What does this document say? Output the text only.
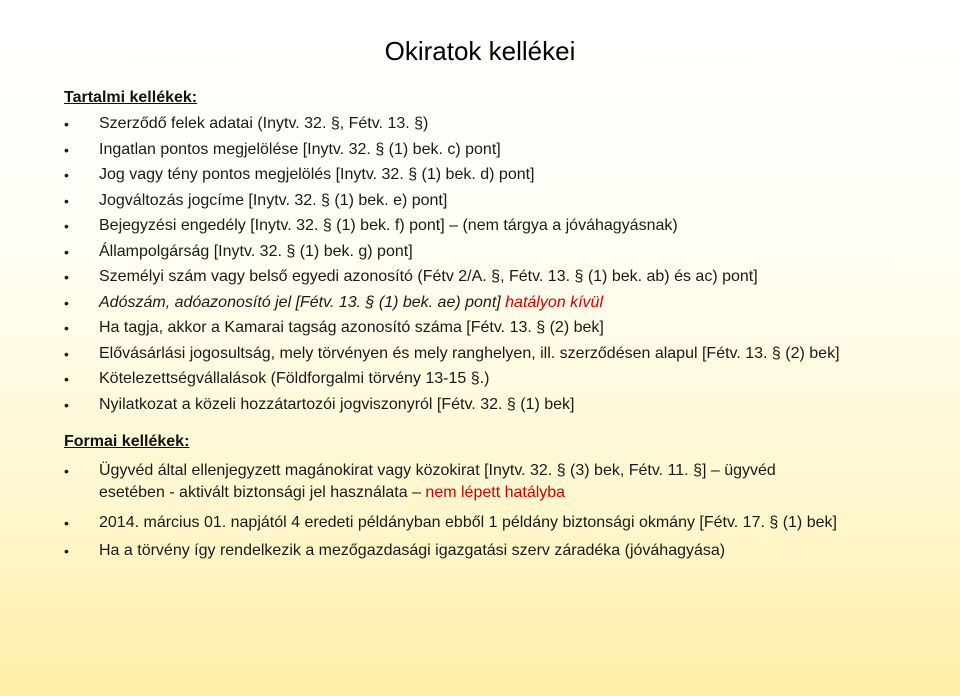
Okiratok kellékei
Tartalmi kellékek:
• Szerződő felek adatai (Inytv. 32. §, Fétv. 13. §)
• Ingatlan pontos megjelölése [Inytv. 32. § (1) bek. c) pont]
• Jog vagy tény pontos megjelölés [Inytv. 32. § (1) bek. d) pont]
• Jogváltozás jogcíme [Inytv. 32. § (1) bek. e) pont]
• Bejegyzési engedély [Inytv. 32. § (1) bek. f) pont] – (nem tárgya a jóváhagyásnak)
• Állampolgárság [Inytv. 32. § (1) bek. g) pont]
• Személyi szám vagy belső egyedi azonosító (Fétv 2/A. §, Fétv. 13. § (1) bek. ab) és ac) pont]
• Adószám, adóazonosító jel [Fétv. 13. § (1) bek. ae) pont] hatályon kívül
• Ha tagja, akkor a Kamarai tagság azonosító száma [Fétv. 13. § (2) bek]
• Elővásárlási jogosultság, mely törvényen és mely ranghelyen, ill. szerződésen alapul [Fétv. 13. § (2) bek]
• Kötelezettségvállalások (Földforgalmi törvény 13-15 §.)
• Nyilatkozat a közeli hozzátartozói jogviszonyról [Fétv. 32. § (1) bek]
Formai kellékek:
• Ügyvéd által ellenjegyzett magánokirat vagy közokirat [Inytv. 32. § (3) bek, Fétv. 11. §] – ügyvéd
esetében - aktivált biztonsági jel használata – nem lépett hatályba
• 2014. március 01. napjától 4 eredeti példányban ebből 1 példány biztonsági okmány [Fétv. 17. § (1) bek]
• Ha a törvény így rendelkezik a mezőgazdasági igazgatási szerv záradéka (jóváhagyása)
